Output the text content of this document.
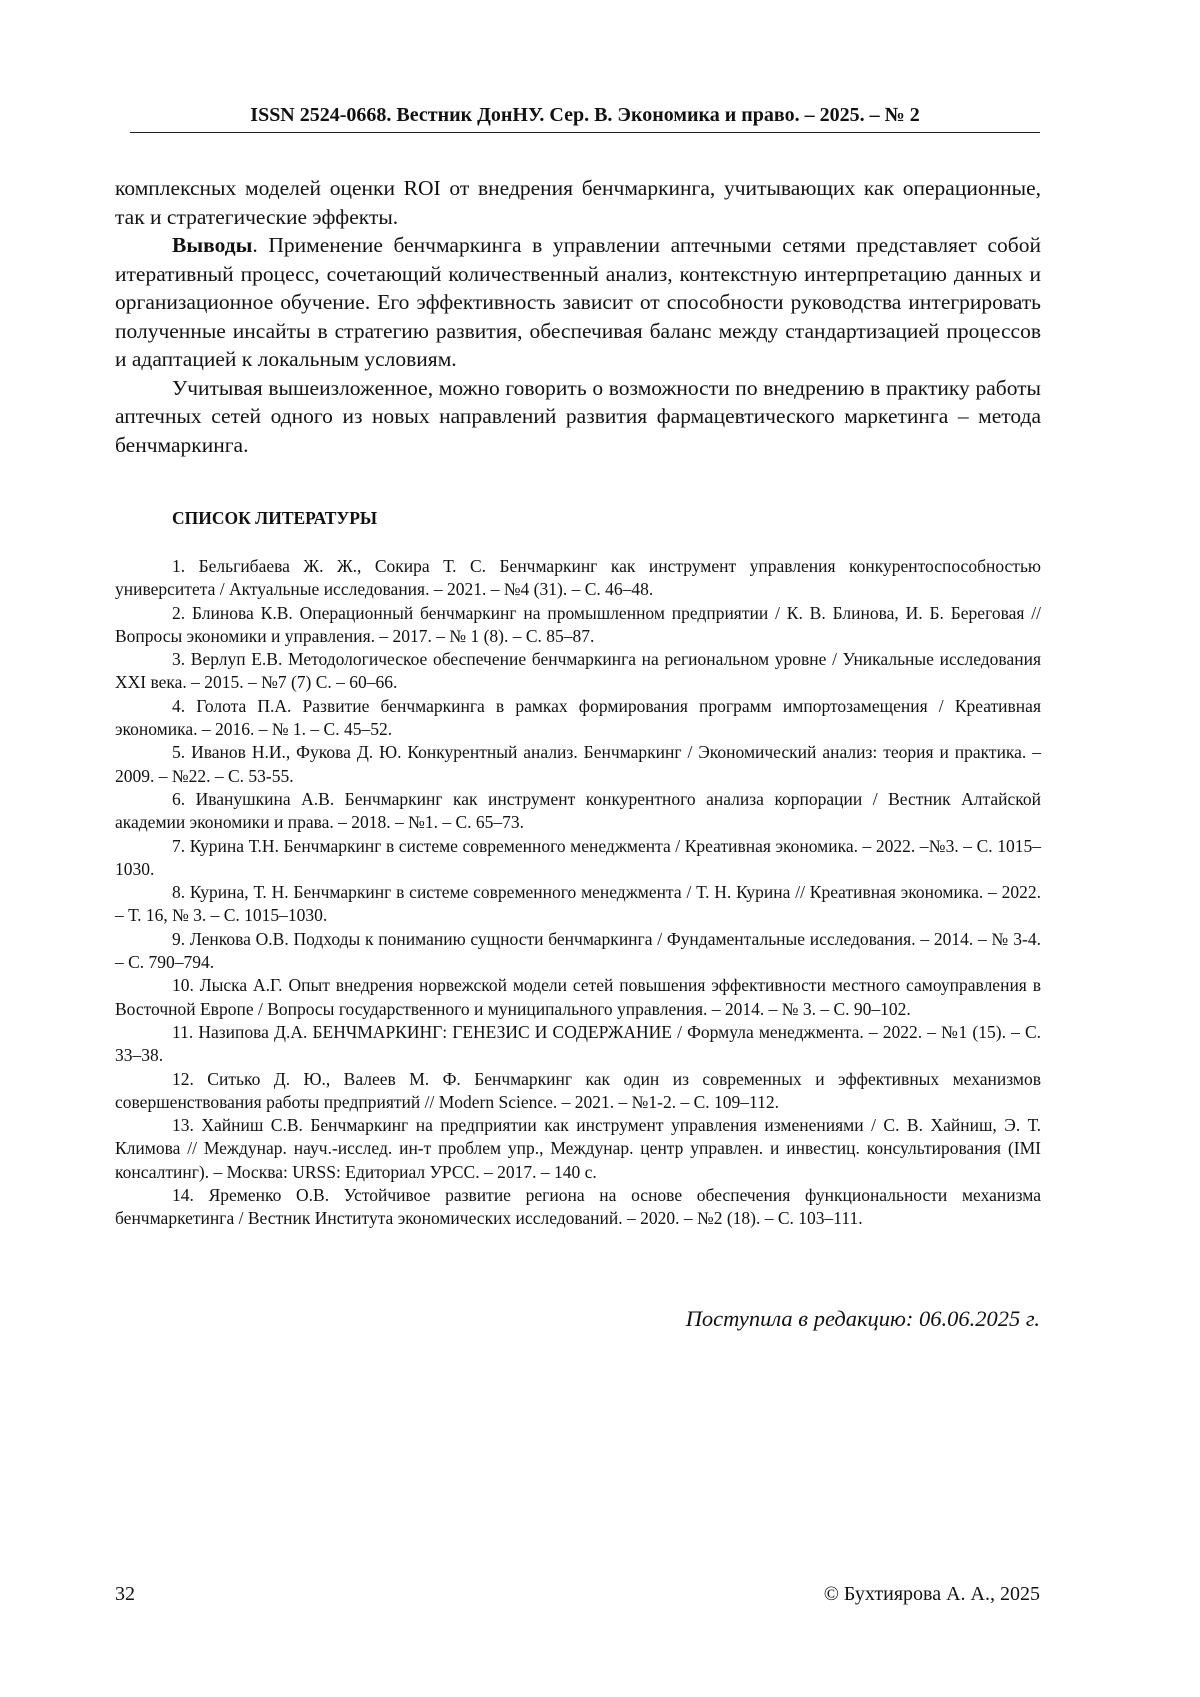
ISSN 2524-0668. Вестник ДонНУ. Сер. В. Экономика и право. – 2025. – № 2

комплексных моделей оценки ROI от внедрения бенчмаркинга, учитывающих как операционные, так и стратегические эффекты.

Выводы. Применение бенчмаркинга в управлении аптечными сетями представляет собой итеративный процесс, сочетающий количественный анализ, контекстную интерпретацию данных и организационное обучение. Его эффективность зависит от способности руководства интегрировать полученные инсайты в стратегию развития, обеспечивая баланс между стандартизацией процессов и адаптацией к локальным условиям.

Учитывая вышеизложенное, можно говорить о возможности по внедрению в практику работы аптечных сетей одного из новых направлений развития фармацевтического маркетинга – метода бенчмаркинга.

СПИСОК ЛИТЕРАТУРЫ
1. Бельгибаева Ж. Ж., Сокира Т. С. Бенчмаркинг как инструмент управления конкурентоспособностью университета / Актуальные исследования. – 2021. – №4 (31). – С. 46–48.
2. Блинова К.В. Операционный бенчмаркинг на промышленном предприятии / К. В. Блинова, И. Б. Береговая // Вопросы экономики и управления. – 2017. – № 1 (8). – С. 85–87.
3. Верлуп Е.В. Методологическое обеспечение бенчмаркинга на региональном уровне / Уникальные исследования XXI века. – 2015. – №7 (7) С. – 60–66.
4. Голота П.А. Развитие бенчмаркинга в рамках формирования программ импортозамещения / Креативная экономика. – 2016. – № 1. – С. 45–52.
5. Иванов Н.И., Фукова Д. Ю. Конкурентный анализ. Бенчмаркинг / Экономический анализ: теория и практика. – 2009. – №22. – С. 53-55.
6. Иванушкина А.В. Бенчмаркинг как инструмент конкурентного анализа корпорации / Вестник Алтайской академии экономики и права. – 2018. – №1. – С. 65–73.
7. Курина Т.Н. Бенчмаркинг в системе современного менеджмента / Креативная экономика. – 2022. –№3. – С. 1015–1030.
8. Курина, Т. Н. Бенчмаркинг в системе современного менеджмента / Т. Н. Курина // Креативная экономика. – 2022. – Т. 16, № 3. – С. 1015–1030.
9. Ленкова О.В. Подходы к пониманию сущности бенчмаркинга / Фундаментальные исследования. – 2014. – № 3-4. – С. 790–794.
10. Лыска А.Г. Опыт внедрения норвежской модели сетей повышения эффективности местного самоуправления в Восточной Европе / Вопросы государственного и муниципального управления. – 2014. – № 3. – С. 90–102.
11. Назипова Д.А. БЕНЧМАРКИНГ: ГЕНЕЗИС И СОДЕРЖАНИЕ / Формула менеджмента. – 2022. – №1 (15). – С. 33–38.
12. Ситько Д. Ю., Валеев М. Ф. Бенчмаркинг как один из современных и эффективных механизмов совершенствования работы предприятий // Modern Science. – 2021. – №1-2. – С. 109–112.
13. Хайниш С.В. Бенчмаркинг на предприятии как инструмент управления изменениями / С. В. Хайниш, Э. Т. Климова // Междунар. науч.-исслед. ин-т проблем упр., Междунар. центр управлен. и инвестиц. консультирования (IMI консалтинг). – Москва: URSS: Едиториал УРСС. – 2017. – 140 с.
14. Яременко О.В. Устойчивое развитие региона на основе обеспечения функциональности механизма бенчмаркетинга / Вестник Института экономических исследований. – 2020. – №2 (18). – С. 103–111.
Поступила в редакцию: 06.06.2025 г.
32	© Бухтиярова А. А., 2025
